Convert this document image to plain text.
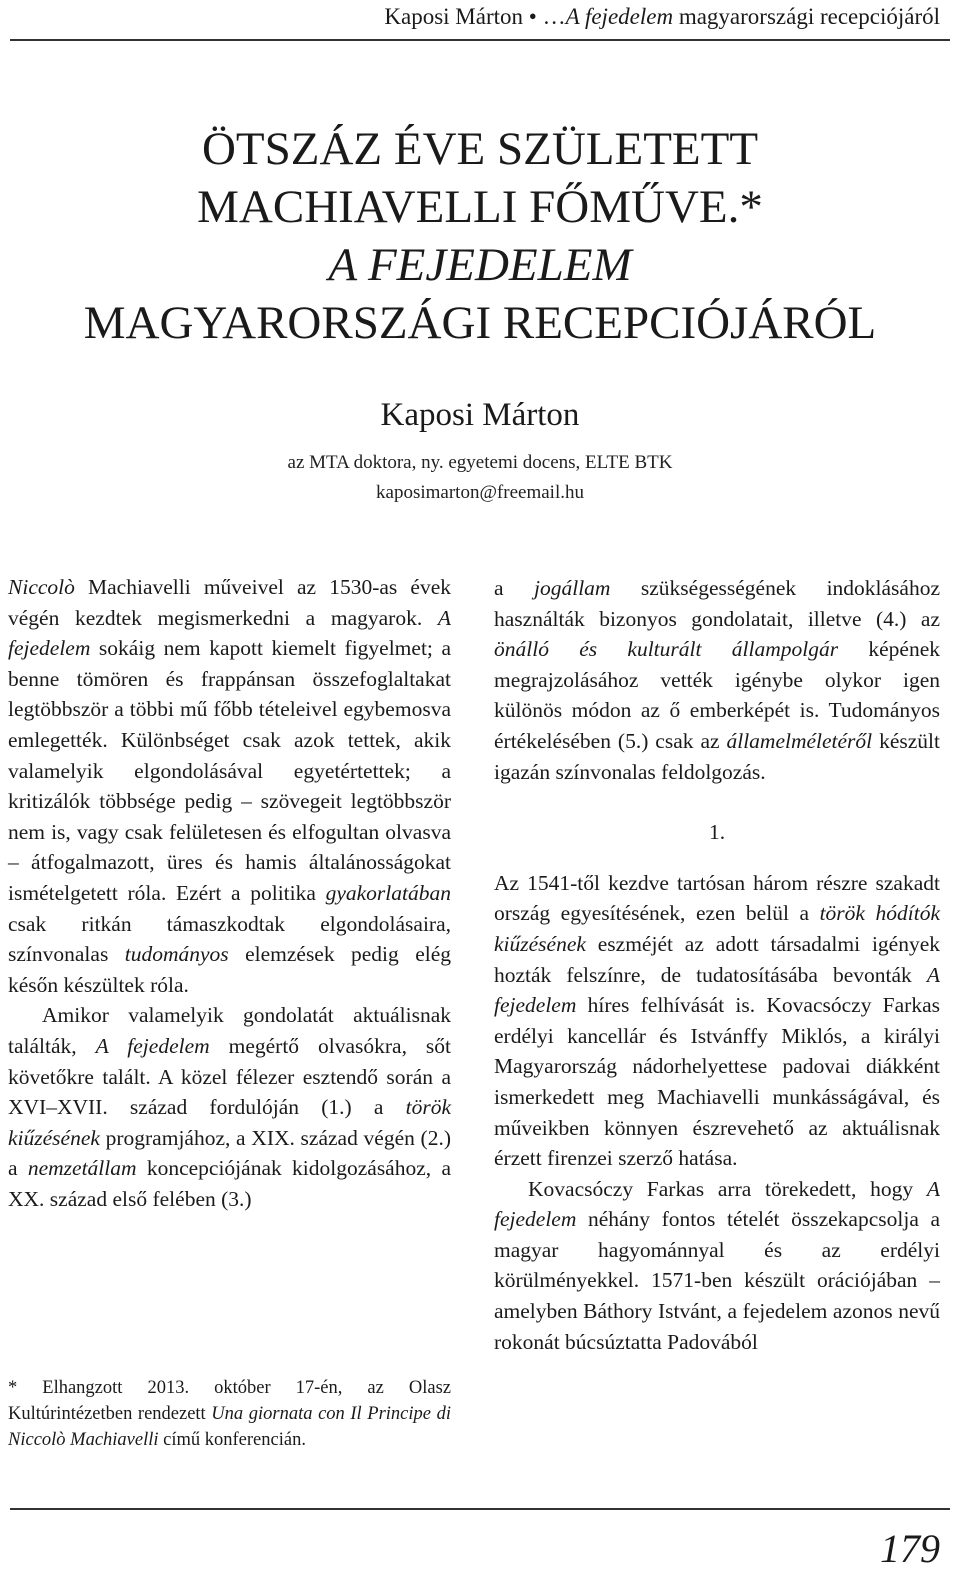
Kaposi Márton • …A fejedelem magyarországi recepciójáról
ÖTSZÁZ ÉVE SZÜLETETT
MACHIAVELLI FŐMŰVE.*
A FEJEDELEM
MAGYARORSZÁGI RECEPCIÓJÁRÓL
Kaposi Márton
az MTA doktora, ny. egyetemi docens, ELTE BTK
kaposimarton@freemail.hu

Niccolò Machiavelli műveivel az 1530-as évek végén kezdtek megismerkedni a magyarok. A fejedelem sokáig nem kapott kiemelt figyelmet; a benne tömören és frappánsan összefoglaltakat legtöbbször a többi mű főbb tételeivel egybemosva emlegették. Különbséget csak azok tettek, akik valamelyik elgondolásával egyetértettek; a kritizálók többsége pedig – szövegeit legtöbbször nem is, vagy csak felületesen és elfogultan olvasva – átfogalmazott, üres és hamis általánosságokat ismételgetett róla. Ezért a politika gyakorlatában csak ritkán támaszkodtak elgondolásaira, színvonalas tudományos elemzések pedig elég későn készültek róla.

Amikor valamelyik gondolatát aktuálisnak találták, A fejedelem megértő olvasókra, sőt követőkre talált. A közel félezer esztendő során a XVI–XVII. század fordulóján (1.) a török kiűzésének programjához, a XIX. század végén (2.) a nemzetállam koncepciójának kidolgozásához, a XX. század első felében (3.)

* Elhangzott 2013. október 17-én, az Olasz Kultúrintézetben rendezett Una giornata con Il Principe di Niccolò Machiavelli című konferencián.

a jogállam szükségességének indoklásához használták bizonyos gondolatait, illetve (4.) az önálló és kulturált állampolgár képének megrajzolásához vették igénybe olykor igen különös módon az ő emberképét is. Tudományos értékelésében (5.) csak az államelméletéről készült igazán színvonalas feldolgozás.

1.

Az 1541-től kezdve tartósan három részre szakadt ország egyesítésének, ezen belül a török hódítók kiűzésének eszméjét az adott társadalmi igények hozták felszínre, de tudatosításába bevonták A fejedelem híres felhívását is. Kovacsóczy Farkas erdélyi kancellár és Istvánffy Miklós, a királyi Magyarország nádorhelyettese padovai diákként ismerkedett meg Machiavelli munkásságával, és műveikben könnyen észrevehető az aktuálisnak érzett firenzei szerző hatása.

Kovacsóczy Farkas arra törekedett, hogy A fejedelem néhány fontos tételét összekapcsolja a magyar hagyománnyal és az erdélyi körülményekkel. 1571-ben készült orációjában – amelyben Báthory Istvánt, a fejedelem azonos nevű rokonát búcsúztatta Padovából

179
